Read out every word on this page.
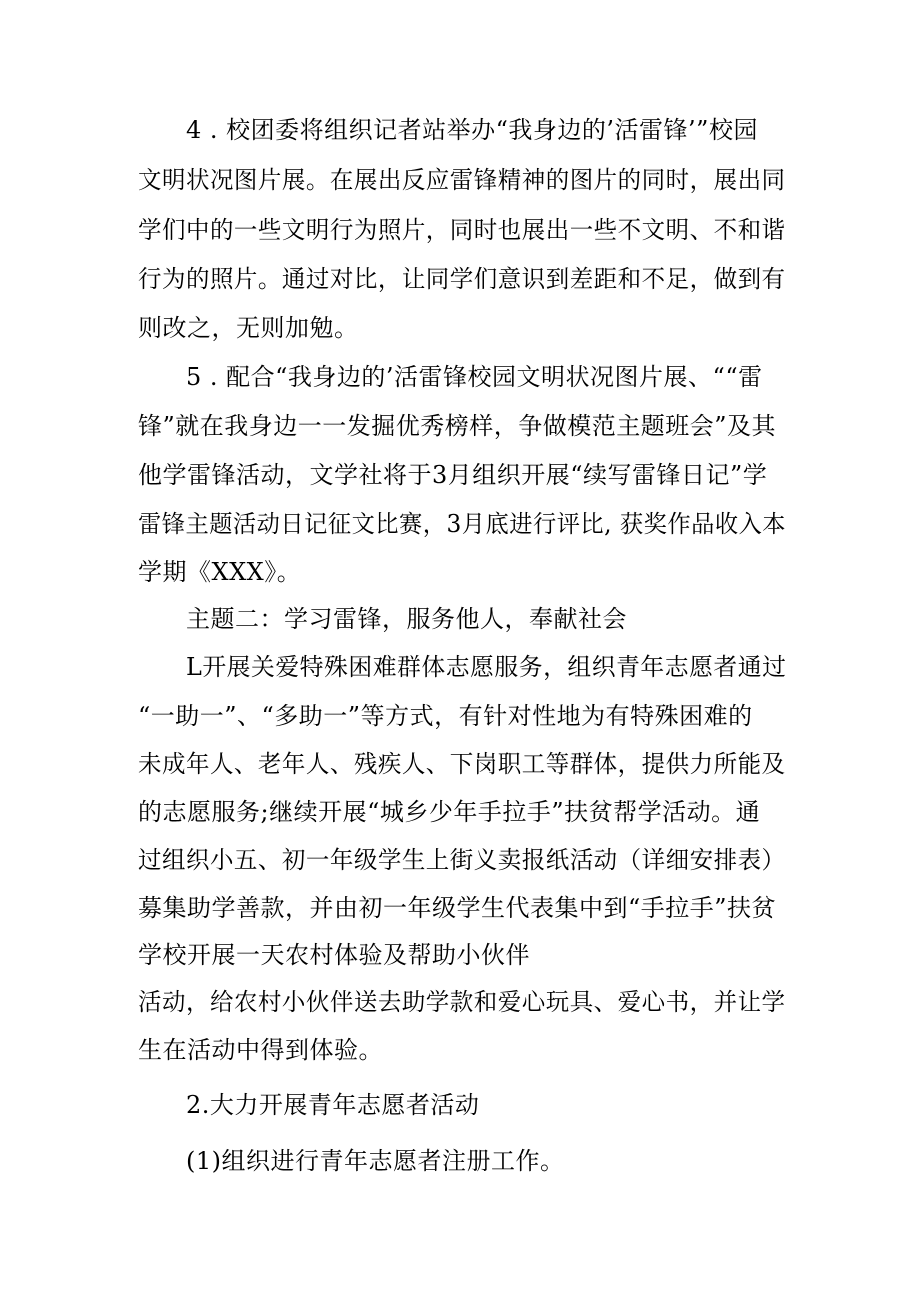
4 . 校团委将组织记者站举办“我身边的’活雷锋’”校园
文明状况图片展。在展出反应雷锋精神的图片的同时，展出同
学们中的一些文明行为照片，同时也展出一些不文明、不和谐
行为的照片。通过对比，让同学们意识到差距和不足，做到有
则改之，无则加勉。
5 . 配合“我身边的’活雷锋校园文明状况图片展、““雷
锋”就在我身边一一发掘优秀榜样，争做模范主题班会”及其
他学雷锋活动，文学社将于3月组织开展“续写雷锋日记”学
雷锋主题活动日记征文比赛，3月底进行评比, 获奖作品收入本
学期《XXX》。
主题二：学习雷锋，服务他人，奉献社会
L开展关爱特殊困难群体志愿服务，组织青年志愿者通过
“一助一”、“多助一”等方式，有针对性地为有特殊困难的
未成年人、老年人、残疾人、下岗职工等群体，提供力所能及
的志愿服务;继续开展“城乡少年手拉手”扶贫帮学活动。通
过组织小五、初一年级学生上街义卖报纸活动（详细安排表）
募集助学善款，并由初一年级学生代表集中到“手拉手”扶贫
学校开展一天农村体验及帮助小伙伴
活动，给农村小伙伴送去助学款和爱心玩具、爱心书，并让学
生在活动中得到体验。
2.大力开展青年志愿者活动
(1)组织进行青年志愿者注册工作。
